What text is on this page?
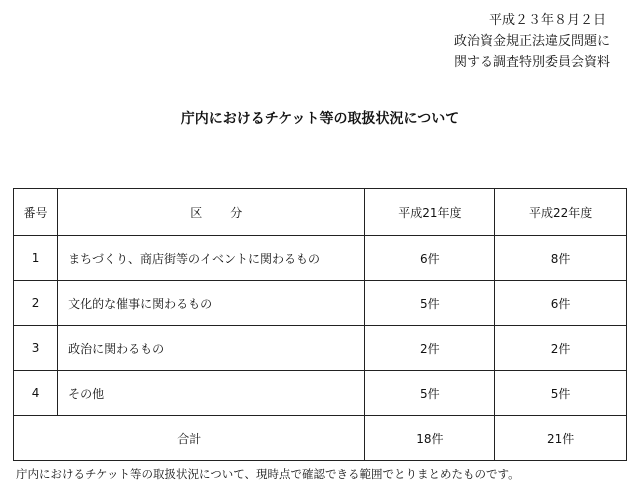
平成２３年８月２日
政治資金規正法違反問題に
関する調査特別委員会資料
庁内におけるチケット等の取扱状況について
番号	区 分	平成21年度	平成22年度
1	まちづくり、商店街等のイベントに関わるもの	6件	8件
2	文化的な催事に関わるもの	5件	6件
3	政治に関わるもの	2件	2件
4	その他	5件	5件
合計		18件	21件
庁内におけるチケット等の取扱状況について、現時点で確認できる範囲でとりまとめたものです。
